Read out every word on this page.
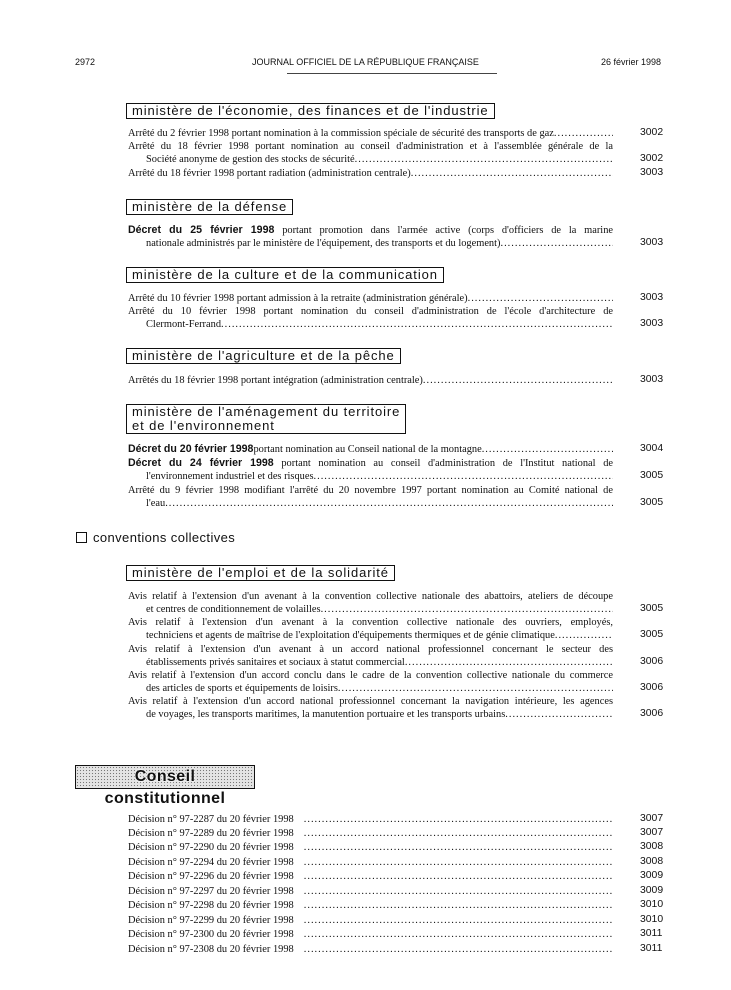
2972	JOURNAL OFFICIEL DE LA RÉPUBLIQUE FRANÇAISE	26 février 1998
ministère de l'économie, des finances et de l'industrie
Arrêté du 2 février 1998 portant nomination à la commission spéciale de sécurité des transports de gaz .....	3002
Arrêté du 18 février 1998 portant nomination au conseil d'administration et à l'assemblée générale de la
Société anonyme de gestion des stocks de sécurité .....	3002
Arrêté du 18 février 1998 portant radiation (administration centrale) .....	3003
ministère de la défense
Décret du 25 février 1998 portant promotion dans l'armée active (corps d'officiers de la marine
nationale administrés par le ministère de l'équipement, des transports et du logement) .....	3003
ministère de la culture et de la communication
Arrêté du 10 février 1998 portant admission à la retraite (administration générale) .....	3003
Arrêté du 10 février 1998 portant nomination du conseil d'administration de l'école d'architecture de
Clermont-Ferrand .....	3003
ministère de l'agriculture et de la pêche
Arrêtés du 18 février 1998 portant intégration (administration centrale) .....	3003
ministère de l'aménagement du territoire
et de l'environnement
Décret du 20 février 1998 portant nomination au Conseil national de la montagne .....	3004
Décret du 24 février 1998 portant nomination au conseil d'administration de l'Institut national de
l'environnement industriel et des risques .....	3005
Arrêté du 9 février 1998 modifiant l'arrêté du 20 novembre 1997 portant nomination au Comité national de
l'eau .....	3005
conventions collectives
ministère de l'emploi et de la solidarité
Avis relatif à l'extension d'un avenant à la convention collective nationale des abattoirs, ateliers de découpe
et centres de conditionnement de volailles .....	3005
Avis relatif à l'extension d'un avenant à la convention collective nationale des ouvriers, employés,
techniciens et agents de maîtrise de l'exploitation d'équipements thermiques et de génie climatique .....	3005
Avis relatif à l'extension d'un avenant à un accord national professionnel concernant le secteur des
établissements privés sanitaires et sociaux à statut commercial .....	3006
Avis relatif à l'extension d'un accord conclu dans le cadre de la convention collective nationale du commerce
des articles de sports et équipements de loisirs .....	3006
Avis relatif à l'extension d'un accord national professionnel concernant la navigation intérieure, les agences
de voyages, les transports maritimes, la manutention portuaire et les transports urbains .....	3006
Conseil constitutionnel
Décision n° 97-2287 du 20 février 1998 .....	3007
Décision n° 97-2289 du 20 février 1998 .....	3007
Décision n° 97-2290 du 20 février 1998 .....	3008
Décision n° 97-2294 du 20 février 1998 .....	3008
Décision n° 97-2296 du 20 février 1998 .....	3009
Décision n° 97-2297 du 20 février 1998 .....	3009
Décision n° 97-2298 du 20 février 1998 .....	3010
Décision n° 97-2299 du 20 février 1998 .....	3010
Décision n° 97-2300 du 20 février 1998 .....	3011
Décision n° 97-2308 du 20 février 1998 .....	3011
